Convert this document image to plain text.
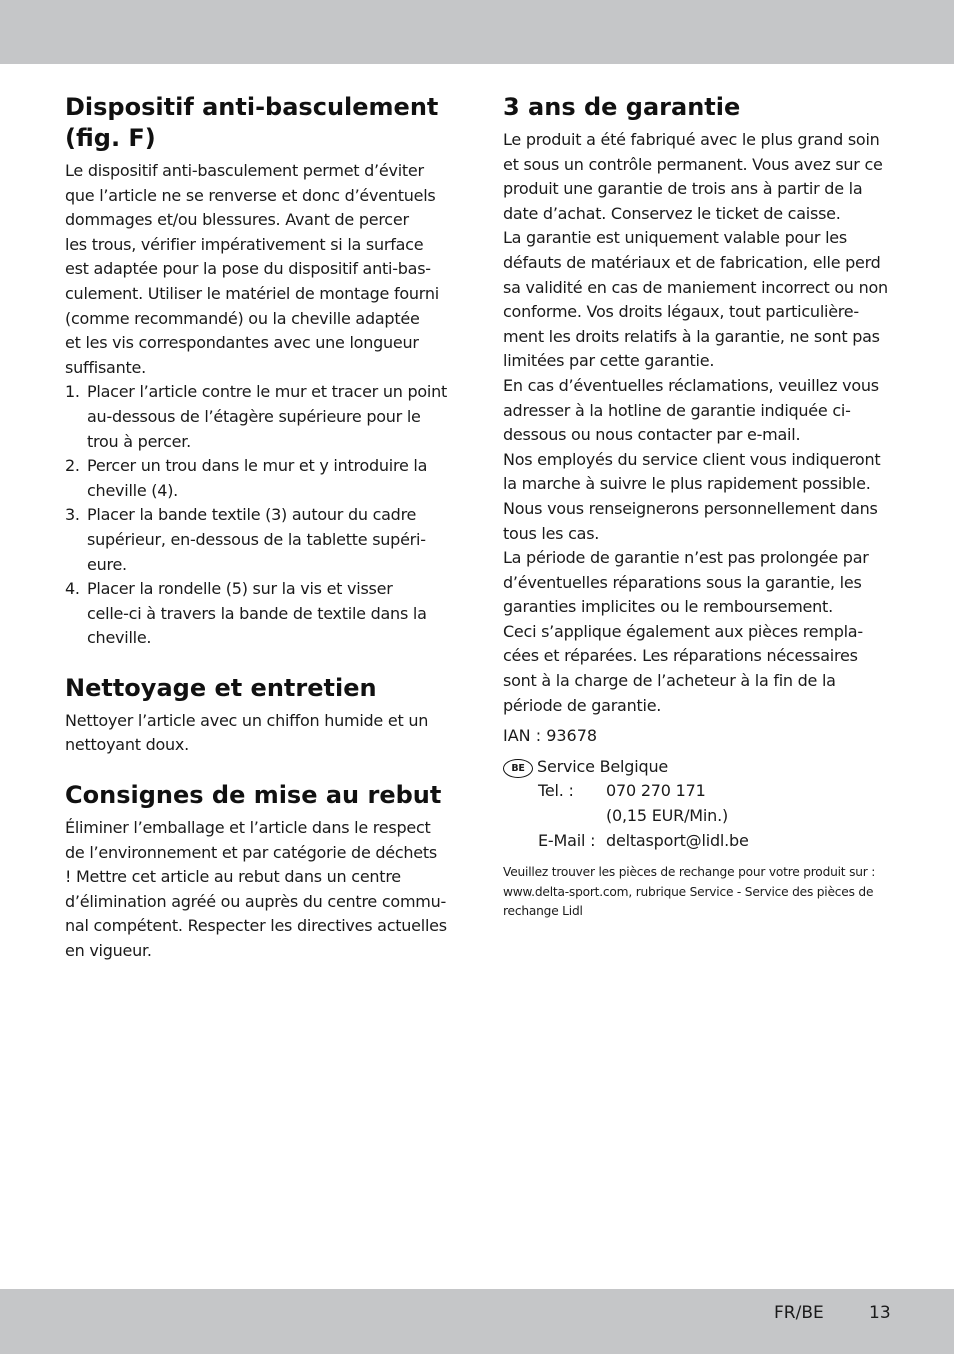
Dispositif anti-basculement
(fig. F)
Le dispositif anti-basculement permet d’éviter
que l’article ne se renverse et donc d’éventuels
dommages et/ou blessures. Avant de percer
les trous, vérifier impérativement si la surface
est adaptée pour la pose du dispositif anti-bas-
culement. Utiliser le matériel de montage fourni
(comme recommandé) ou la cheville adaptée
et les vis correspondantes avec une longueur
suffisante.
1. Placer l’article contre le mur et tracer un point
au-dessous de l’étagère supérieure pour le
trou à percer.
2. Percer un trou dans le mur et y introduire la
cheville (4).
3. Placer la bande textile (3) autour du cadre
supérieur, en-dessous de la tablette supéri-
eure.
4. Placer la rondelle (5) sur la vis et visser
celle-ci à travers la bande de textile dans la
cheville.
Nettoyage et entretien
Nettoyer l’article avec un chiffon humide et un
nettoyant doux.
Consignes de mise au rebut
Éliminer l’emballage et l’article dans le respect
de l’environnement et par catégorie de déchets
! Mettre cet article au rebut dans un centre
d’élimination agréé ou auprès du centre commu-
nal compétent. Respecter les directives actuelles
en vigueur.
3 ans de garantie
Le produit a été fabriqué avec le plus grand soin
et sous un contrôle permanent. Vous avez sur ce
produit une garantie de trois ans à partir de la
date d’achat. Conservez le ticket de caisse.
La garantie est uniquement valable pour les
défauts de matériaux et de fabrication, elle perd
sa validité en cas de maniement incorrect ou non
conforme. Vos droits légaux, tout particulière-
ment les droits relatifs à la garantie, ne sont pas
limitées par cette garantie.
En cas d’éventuelles réclamations, veuillez vous
adresser à la hotline de garantie indiquée ci-
dessous ou nous contacter par e-mail.
Nos employés du service client vous indiqueront
la marche à suivre le plus rapidement possible.
Nous vous renseignerons personnellement dans
tous les cas.
La période de garantie n’est pas prolongée par
d’éventuelles réparations sous la garantie, les
garanties implicites ou le remboursement.
Ceci s’applique également aux pièces rempla-
cées et réparées. Les réparations nécessaires
sont à la charge de l’acheteur à la fin de la
période de garantie.
IAN : 93678
BE Service Belgique
Tel. : 070 270 171
(0,15 EUR/Min.)
E-Mail : deltasport@lidl.be
Veuillez trouver les pièces de rechange pour votre produit sur :
www.delta-sport.com, rubrique Service - Service des pièces de
rechange Lidl
FR/BE	13
